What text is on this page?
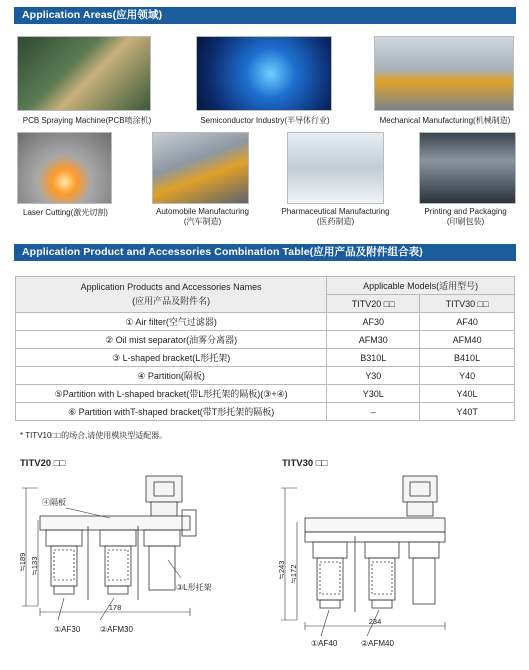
Application Areas(应用领域)
PCB Spraying Machine(PCB喷涂机)	Semiconductor Industry(半导体行业)	Mechanical Manufacturing(机械制造)
Laser Cutting(激光切割)	Automobile Manufacturing
(汽车制造)
Pharmaceutical Manufacturing
(医药制造)
Printing and Packaging
(印刷包装)
Application Product and Accessories Combination Table(应用产品及附件组合表)
Application Products and Accessories Names
(应用产品及附件名)	Applicable Models(适用型号)	
	TITV20 □□	TITV30 □□
① Air filter(空气过滤器)	AF30	AF40
② Oil mist separator(油雾分离器)	AFM30	AFM40
③ L-shaped bracket(L形托架)	B310L	B410L
④ Partition(隔板)	Y30	Y40
⑤Partition with L-shaped bracket(带L形托架的隔板)(③+④)	Y30L	Y40L
⑥ Partition withT-shaped bracket(带T形托架的隔板)	–	Y40T
* TITV10□□的场合,请使用模块型适配器。
TITV20 □□	TITV30 □□
≒189 ≒133
178
④隔板
③L形托架
①AF30 ②AFM30
≒243 ≒172
234
①AF40	②AFM40
